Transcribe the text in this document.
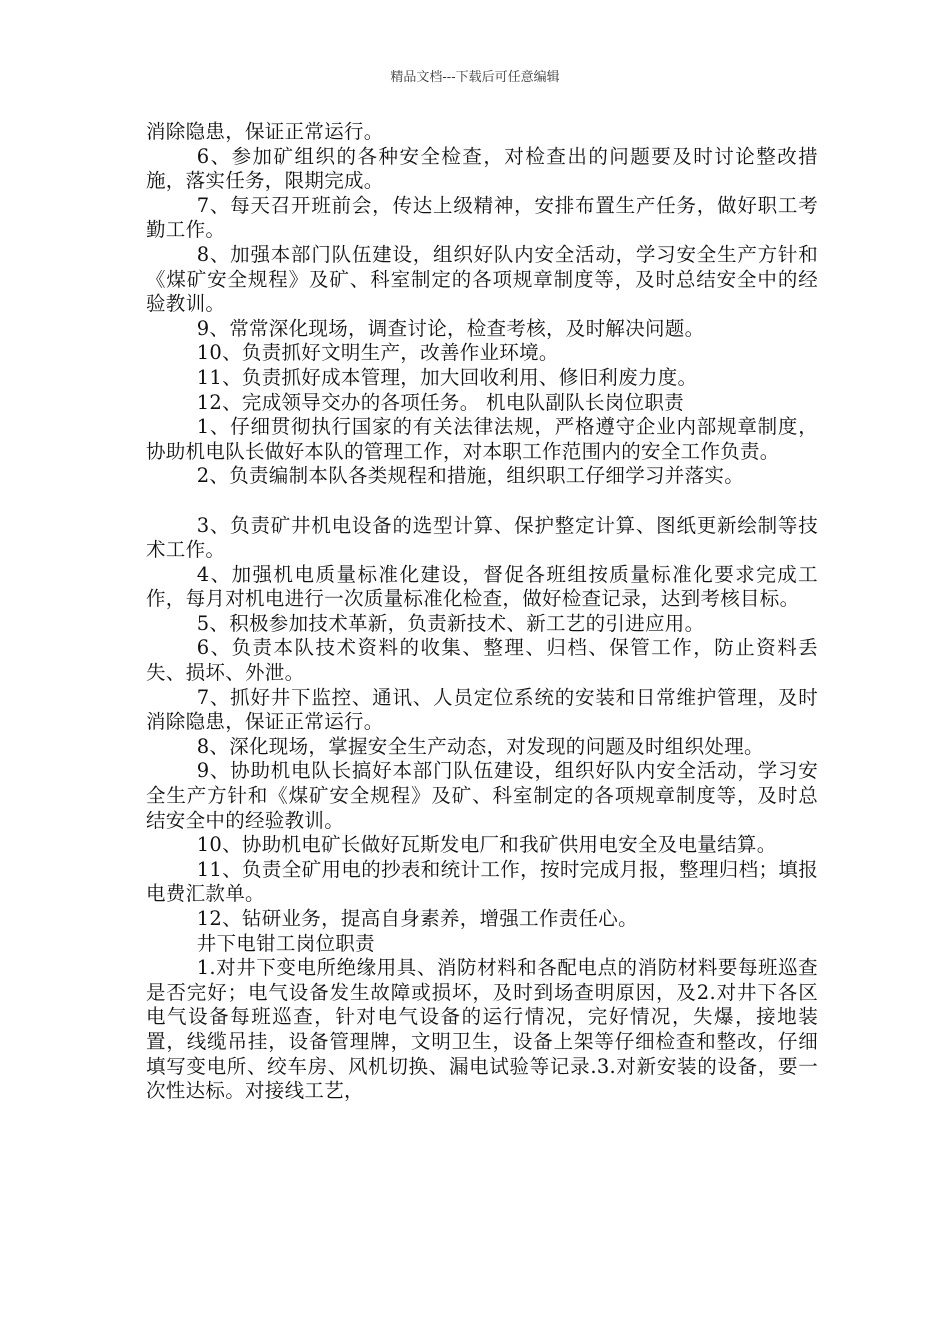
精品文档---下载后可任意编辑

消除隐患，保证正常运行。

6、参加矿组织的各种安全检查，对检查出的问题要及时讨论整改措施，落实任务，限期完成。

7、每天召开班前会，传达上级精神，安排布置生产任务，做好职工考勤工作。

8、加强本部门队伍建设，组织好队内安全活动，学习安全生产方针和《煤矿安全规程》及矿、科室制定的各项规章制度等，及时总结安全中的经验教训。

9、常常深化现场，调查讨论，检查考核，及时解决问题。

10、负责抓好文明生产，改善作业环境。

11、负责抓好成本管理，加大回收利用、修旧利废力度。

12、完成领导交办的各项任务。 机电队副队长岗位职责

1、仔细贯彻执行国家的有关法律法规，严格遵守企业内部规章制度，协助机电队长做好本队的管理工作，对本职工作范围内的安全工作负责。

2、负责编制本队各类规程和措施，组织职工仔细学习并落实。

3、负责矿井机电设备的选型计算、保护整定计算、图纸更新绘制等技术工作。

4、加强机电质量标准化建设，督促各班组按质量标准化要求完成工作，每月对机电进行一次质量标准化检查，做好检查记录，达到考核目标。

5、积极参加技术革新，负责新技术、新工艺的引进应用。

6、负责本队技术资料的收集、整理、归档、保管工作，防止资料丢失、损坏、外泄。

7、抓好井下监控、通讯、人员定位系统的安装和日常维护管理，及时消除隐患，保证正常运行。

8、深化现场，掌握安全生产动态，对发现的问题及时组织处理。

9、协助机电队长搞好本部门队伍建设，组织好队内安全活动，学习安全生产方针和《煤矿安全规程》及矿、科室制定的各项规章制度等，及时总结安全中的经验教训。

10、协助机电矿长做好瓦斯发电厂和我矿供用电安全及电量结算。

11、负责全矿用电的抄表和统计工作，按时完成月报，整理归档；填报电费汇款单。

12、钻研业务，提高自身素养，增强工作责任心。

井下电钳工岗位职责

1.对井下变电所绝缘用具、消防材料和各配电点的消防材料要每班巡查是否完好；电气设备发生故障或损坏，及时到场查明原因，及2.对井下各区电气设备每班巡查，针对电气设备的运行情况，完好情况，失爆，接地装置，线缆吊挂，设备管理牌，文明卫生，设备上架等仔细检查和整改，仔细填写变电所、绞车房、风机切换、漏电试验等记录.3.对新安装的设备，要一次性达标。对接线工艺，
